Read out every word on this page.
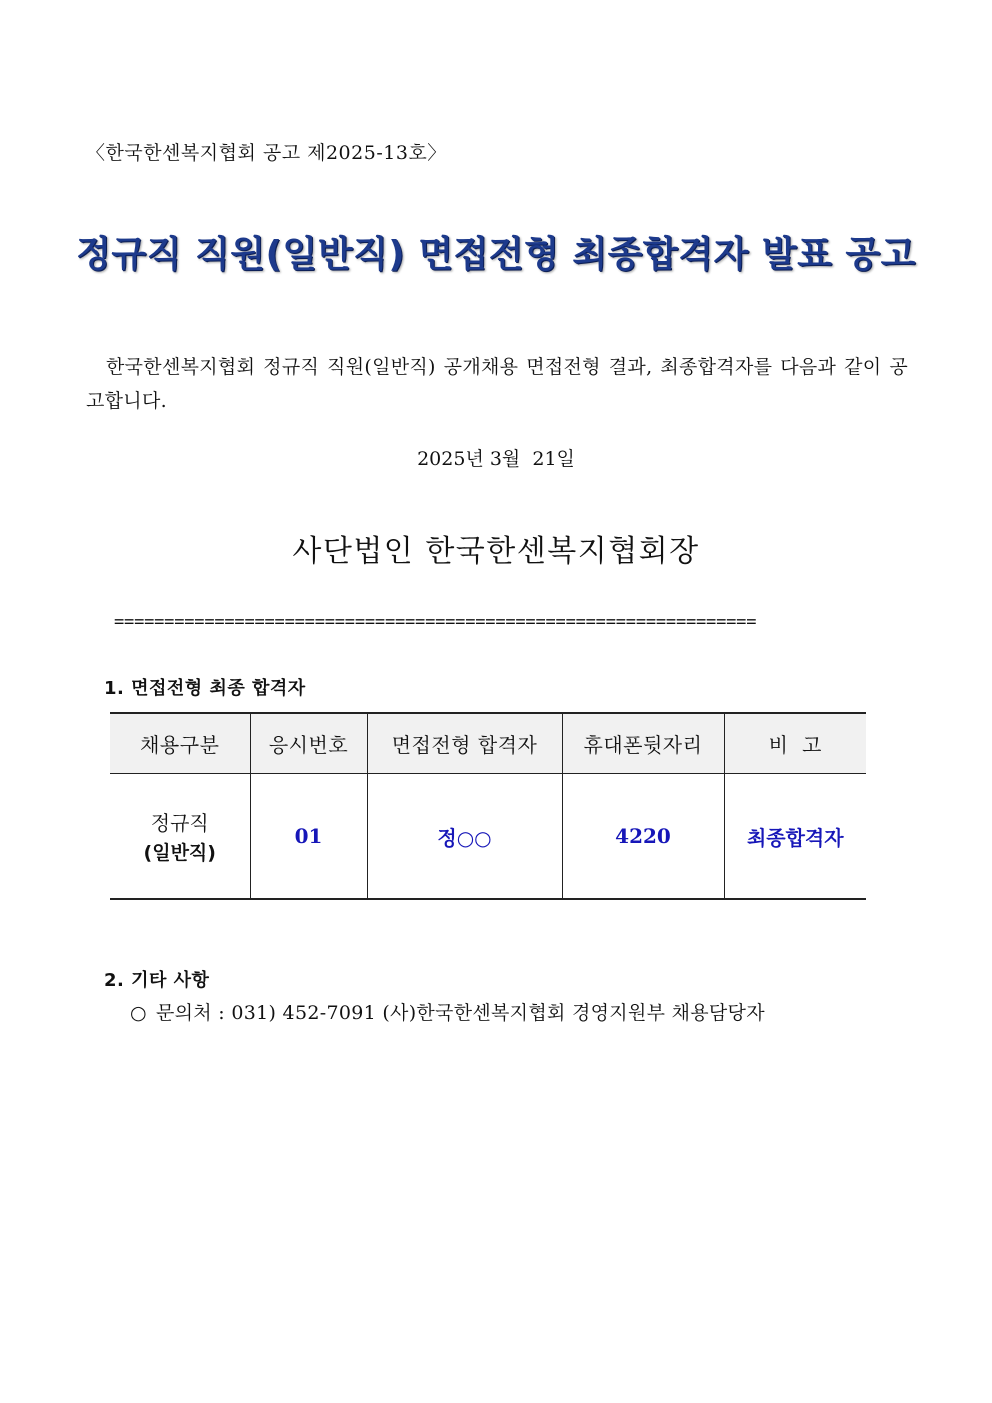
〈한국한센복지협회 공고 제2025-13호〉
정규직 직원(일반직) 면접전형 최종합격자 발표 공고
한국한센복지협회 정규직 직원(일반직) 공개채용 면접전형 결과, 최종합격자를 다음과 같이 공고합니다.
2025년 3월  21일
사단법인 한국한센복지협회장
================================================================
1. 면접전형 최종 합격자
채용구분	응시번호	면접전형 합격자	휴대폰뒷자리	비  고

정규직
(일반직)	01	정○○	4220	최종합격자
2. 기타 사항
○ 문의처 : 031) 452-7091 (사)한국한센복지협회 경영지원부 채용담당자
